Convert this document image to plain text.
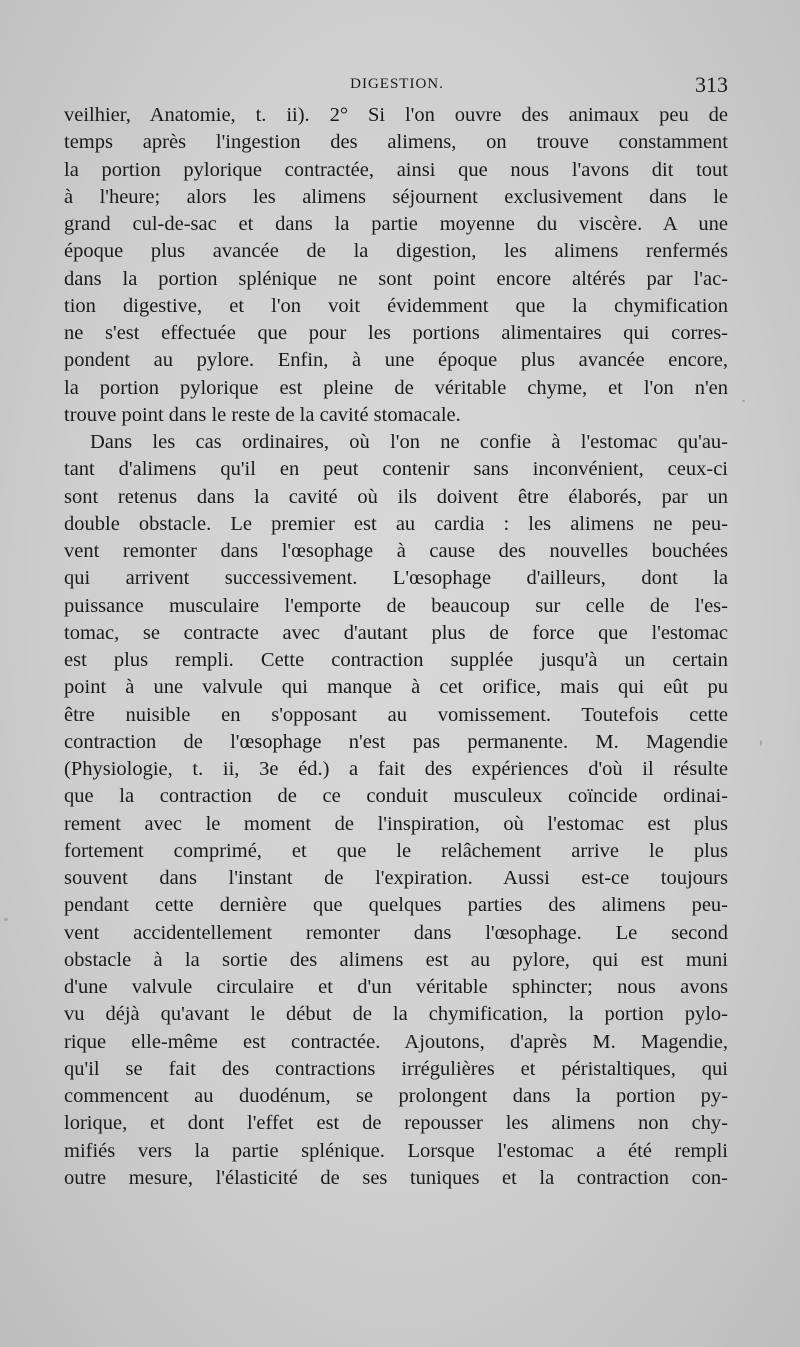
DIGESTION.	313
veilhier, Anatomie, t. ii). 2° Si l'on ouvre des animaux peu de
temps après l'ingestion des alimens, on trouve constamment
la portion pylorique contractée, ainsi que nous l'avons dit tout
à l'heure; alors les alimens séjournent exclusivement dans le
grand cul-de-sac et dans la partie moyenne du viscère. A une
époque plus avancée de la digestion, les alimens renfermés
dans la portion splénique ne sont point encore altérés par l'ac-
tion digestive, et l'on voit évidemment que la chymification
ne s'est effectuée que pour les portions alimentaires qui corres-
pondent au pylore. Enfin, à une époque plus avancée encore,
la portion pylorique est pleine de véritable chyme, et l'on n'en
trouve point dans le reste de la cavité stomacale.
Dans les cas ordinaires, où l'on ne confie à l'estomac qu'au-
tant d'alimens qu'il en peut contenir sans inconvénient, ceux-ci
sont retenus dans la cavité où ils doivent être élaborés, par un
double obstacle. Le premier est au cardia : les alimens ne peu-
vent remonter dans l'œsophage à cause des nouvelles bouchées
qui arrivent successivement. L'œsophage d'ailleurs, dont la
puissance musculaire l'emporte de beaucoup sur celle de l'es-
tomac, se contracte avec d'autant plus de force que l'estomac
est plus rempli. Cette contraction supplée jusqu'à un certain
point à une valvule qui manque à cet orifice, mais qui eût pu
être nuisible en s'opposant au vomissement. Toutefois cette
contraction de l'œsophage n'est pas permanente. M. Magendie
(Physiologie, t. ii, 3e éd.) a fait des expériences d'où il résulte
que la contraction de ce conduit musculeux coïncide ordinai-
rement avec le moment de l'inspiration, où l'estomac est plus
fortement comprimé, et que le relâchement arrive le plus
souvent dans l'instant de l'expiration. Aussi est-ce toujours
pendant cette dernière que quelques parties des alimens peu-
vent accidentellement remonter dans l'œsophage. Le second
obstacle à la sortie des alimens est au pylore, qui est muni
d'une valvule circulaire et d'un véritable sphincter; nous avons
vu déjà qu'avant le début de la chymification, la portion pylo-
rique elle-même est contractée. Ajoutons, d'après M. Magendie,
qu'il se fait des contractions irrégulières et péristaltiques, qui
commencent au duodénum, se prolongent dans la portion py-
lorique, et dont l'effet est de repousser les alimens non chy-
mifiés vers la partie splénique. Lorsque l'estomac a été rempli
outre mesure, l'élasticité de ses tuniques et la contraction con-
